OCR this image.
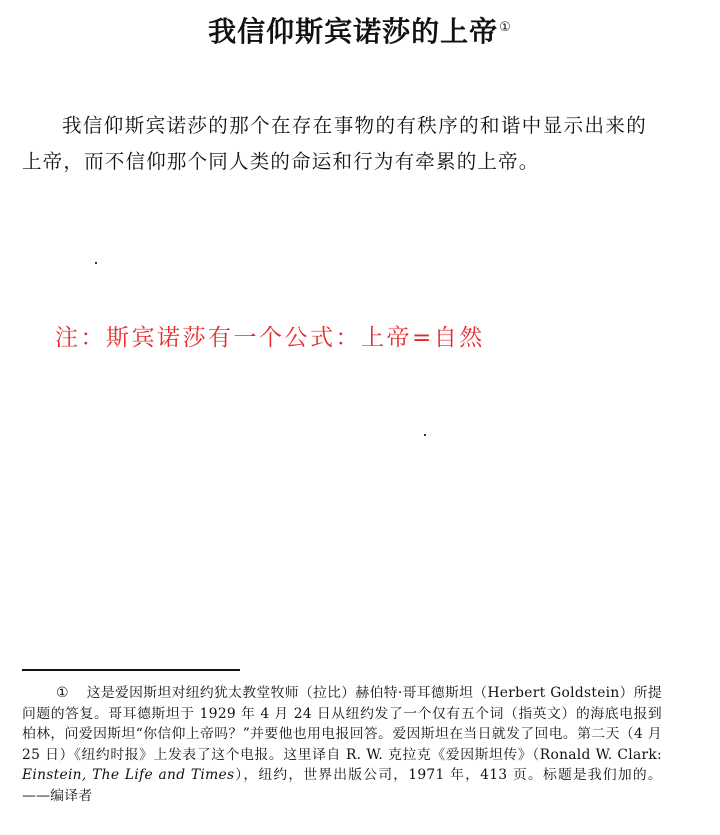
我信仰斯宾诺莎的上帝①

我信仰斯宾诺莎的那个在存在事物的有秩序的和谐中显示出来的上帝，而不信仰那个同人类的命运和行为有牵累的上帝。

注：斯宾诺莎有一个公式：上帝=自然
① 这是爱因斯坦对纽约犹太教堂牧师（拉比）赫伯特·哥耳德斯坦（Herbert Goldstein）所提问题的答复。哥耳德斯坦于 1929 年 4 月 24 日从纽约发了一个仅有五个词（指英文）的海底电报到柏林，问爱因斯坦“你信仰上帝吗？”并要他也用电报回答。爱因斯坦在当日就发了回电。第二天（4 月 25 日）《纽约时报》上发表了这个电报。这里译自 R. W. 克拉克《爱因斯坦传》（Ronald W. Clark: Einstein, The Life and Times），纽约，世界出版公司，1971 年，413 页。标题是我们加的。——编译者
